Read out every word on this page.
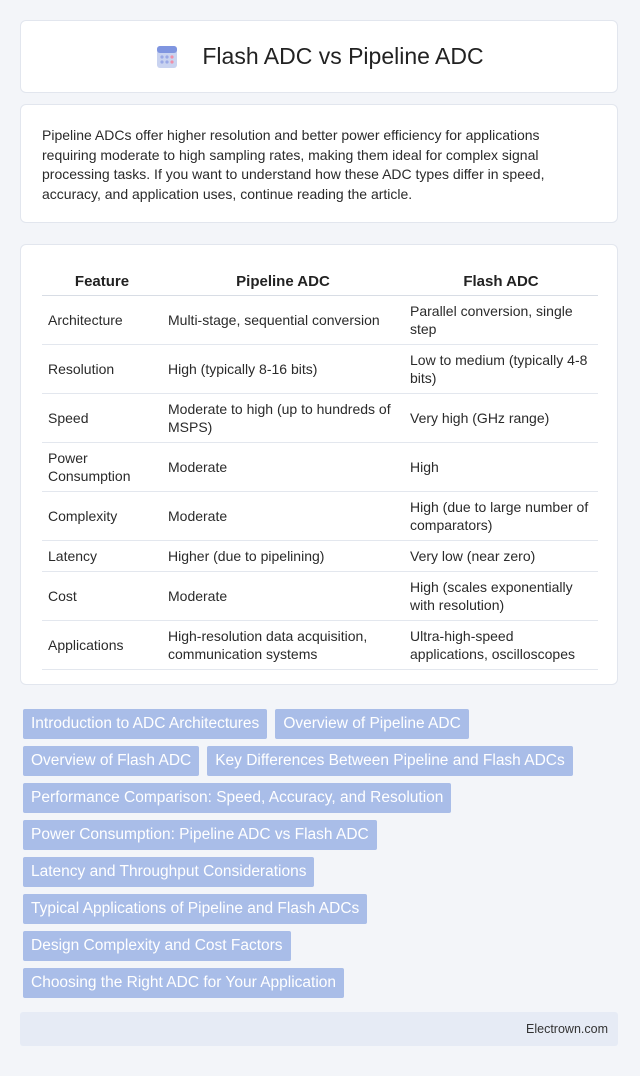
Flash ADC vs Pipeline ADC

Pipeline ADCs offer higher resolution and better power efficiency for applications requiring moderate to high sampling rates, making them ideal for complex signal processing tasks. If you want to understand how these ADC types differ in speed, accuracy, and application uses, continue reading the article.

Feature	Pipeline ADC	Flash ADC
Architecture	Multi-stage, sequential conversion	Parallel conversion, single step
Resolution	High (typically 8-16 bits)	Low to medium (typically 4-8 bits)
Speed	Moderate to high (up to hundreds of MSPS)	Very high (GHz range)
Power Consumption	Moderate	High
Complexity	Moderate	High (due to large number of comparators)
Latency	Higher (due to pipelining)	Very low (near zero)
Cost	Moderate	High (scales exponentially with resolution)
Applications	High-resolution data acquisition, communication systems	Ultra-high-speed applications, oscilloscopes
Introduction to ADC Architectures	Overview of Pipeline ADC
Overview of Flash ADC	Key Differences Between Pipeline and Flash ADCs
Performance Comparison: Speed, Accuracy, and Resolution
Power Consumption: Pipeline ADC vs Flash ADC
Latency and Throughput Considerations
Typical Applications of Pipeline and Flash ADCs
Design Complexity and Cost Factors
Choosing the Right ADC for Your Application
Electrown.com
